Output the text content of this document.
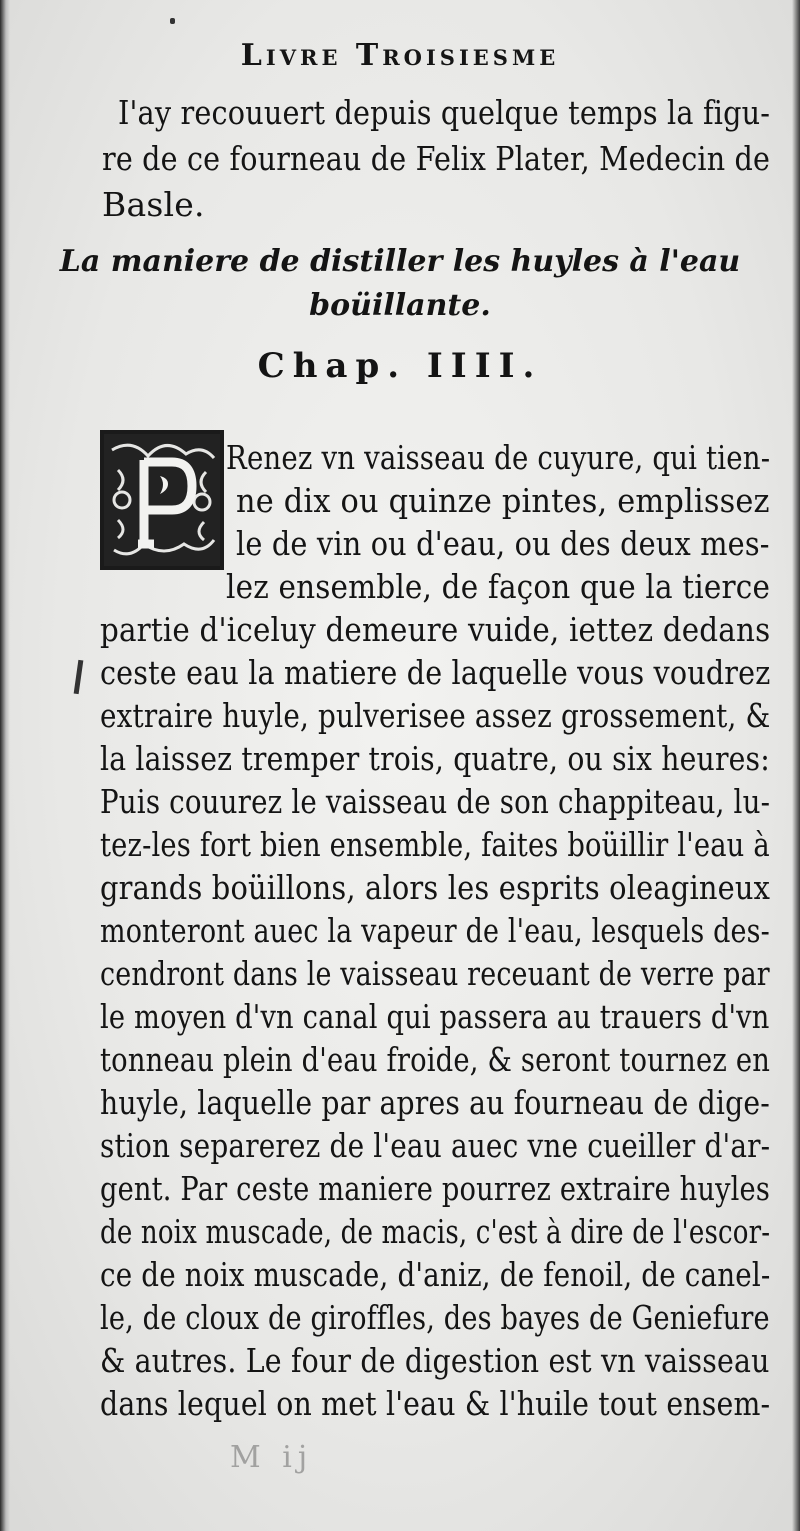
Livre Troisiesme
I'ay recouuert depuis quelque temps la figu-
re de ce fourneau de Felix Plater, Medecin de
Basle.
La maniere de distiller les huyles à l'eau
boüillante.
Chap. IIII.
Renez vn vaisseau de cuyure, qui tien-
ne dix ou quinze pintes, emplissez
le de vin ou d'eau, ou des deux mes-
lez ensemble, de façon que la tierce
partie d'iceluy demeure vuide, iettez dedans
ceste eau la matiere de laquelle vous voudrez
extraire huyle, pulverisee assez grossement, &
la laissez tremper trois, quatre, ou six heures:
Puis couurez le vaisseau de son chappiteau, lu-
tez-les fort bien ensemble, faites boüillir l'eau à
grands boüillons, alors les esprits oleagineux
monteront auec la vapeur de l'eau, lesquels des-
cendront dans le vaisseau receuant de verre par
le moyen d'vn canal qui passera au trauers d'vn
tonneau plein d'eau froide, & seront tournez en
huyle, laquelle par apres au fourneau de dige-
stion separerez de l'eau auec vne cueiller d'ar-
gent. Par ceste maniere pourrez extraire huyles
de noix muscade, de macis, c'est à dire de l'escor-
ce de noix muscade, d'aniz, de fenoil, de canel-
le, de cloux de giroffles, des bayes de Geniefure
& autres. Le four de digestion est vn vaisseau
dans lequel on met l'eau & l'huile tout ensem-
M ij
